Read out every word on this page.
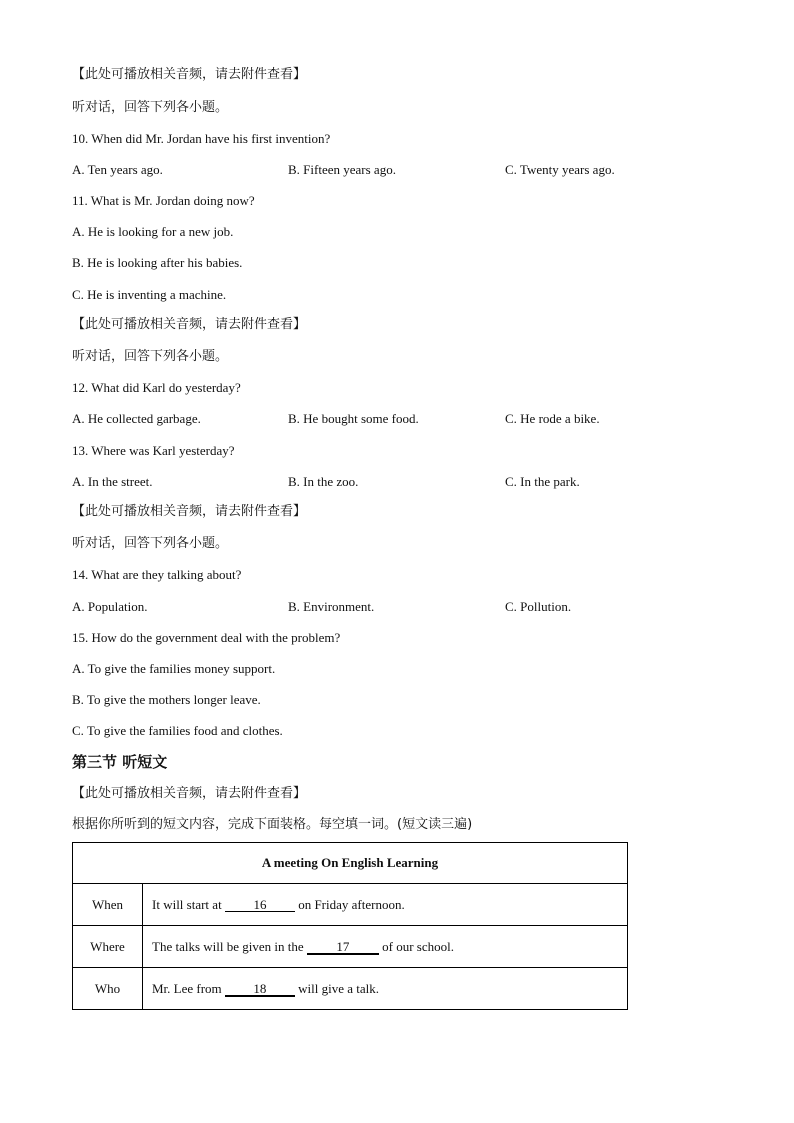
【此处可播放相关音频，请去附件查看】
听对话，回答下列各小题。
10. When did Mr. Jordan have his first invention?
A. Ten years ago.	B. Fifteen years ago.	C. Twenty years ago.
11. What is Mr. Jordan doing now?
A. He is looking for a new job.
B. He is looking after his babies.
C. He is inventing a machine.
【此处可播放相关音频，请去附件查看】
听对话，回答下列各小题。
12. What did Karl do yesterday?
A. He collected garbage.	B. He bought some food.	C. He rode a bike.
13. Where was Karl yesterday?
A. In the street.	B. In the zoo.	C. In the park.
【此处可播放相关音频，请去附件查看】
听对话，回答下列各小题。
14. What are they talking about?
A. Population.	B. Environment.	C. Pollution.
15. How do the government deal with the problem?
A. To give the families money support.
B. To give the mothers longer leave.
C. To give the families food and clothes.
第三节 听短文
【此处可播放相关音频，请去附件查看】
根据你所听到的短文内容，完成下面装格。每空填一词。(短文读三遍)
A meeting On English Learning	
When	It will start at 16 on Friday afternoon.
Where	The talks will be given in the 17 of our school.
Who	Mr. Lee from 18 will give a talk.
